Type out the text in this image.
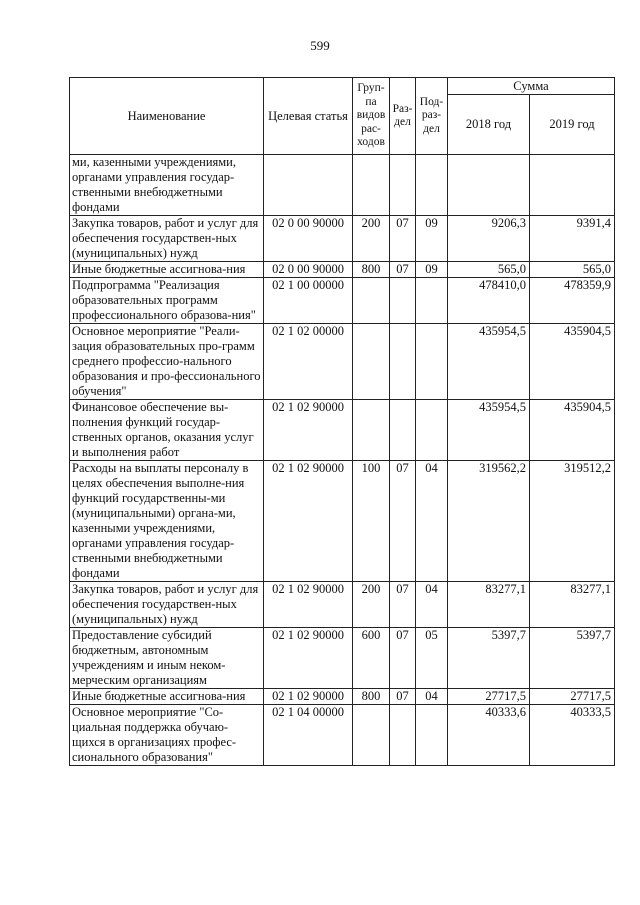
599
Наименование	Целевая статья	Груп-па видов рас-ходов	Раз-дел	Под-раз-дел	Сумма	
					2018 год	2019 год
ми, казенными учреждениями, органами управления государ-ственными внебюджетными фондами						
Закупка товаров, работ и услуг для обеспечения государствен-ных (муниципальных) нужд	02 0 00 90000	200	07	09	9206,3	9391,4
Иные бюджетные ассигнова-ния	02 0 00 90000	800	07	09	565,0	565,0
Подпрограмма "Реализация образовательных программ профессионального образова-ния"	02 1 00 00000				478410,0	478359,9
Основное мероприятие "Реали-зация образовательных про-грамм среднего профессио-нального образования и про-фессионального обучения"	02 1 02 00000				435954,5	435904,5
Финансовое обеспечение вы-полнения функций государ-ственных органов, оказания услуг и выполнения работ	02 1 02 90000				435954,5	435904,5
Расходы на выплаты персоналу в целях обеспечения выполне-ния функций государственны-ми (муниципальными) органа-ми, казенными учреждениями, органами управления государ-ственными внебюджетными фондами	02 1 02 90000	100	07	04	319562,2	319512,2
Закупка товаров, работ и услуг для обеспечения государствен-ных (муниципальных) нужд	02 1 02 90000	200	07	04	83277,1	83277,1
Предоставление субсидий бюджетным, автономным учреждениям и иным неком-мерческим организациям	02 1 02 90000	600	07	05	5397,7	5397,7
Иные бюджетные ассигнова-ния	02 1 02 90000	800	07	04	27717,5	27717,5
Основное мероприятие "Со-циальная поддержка обучаю-щихся в организациях профес-сионального образования"	02 1 04 00000				40333,6	40333,5
